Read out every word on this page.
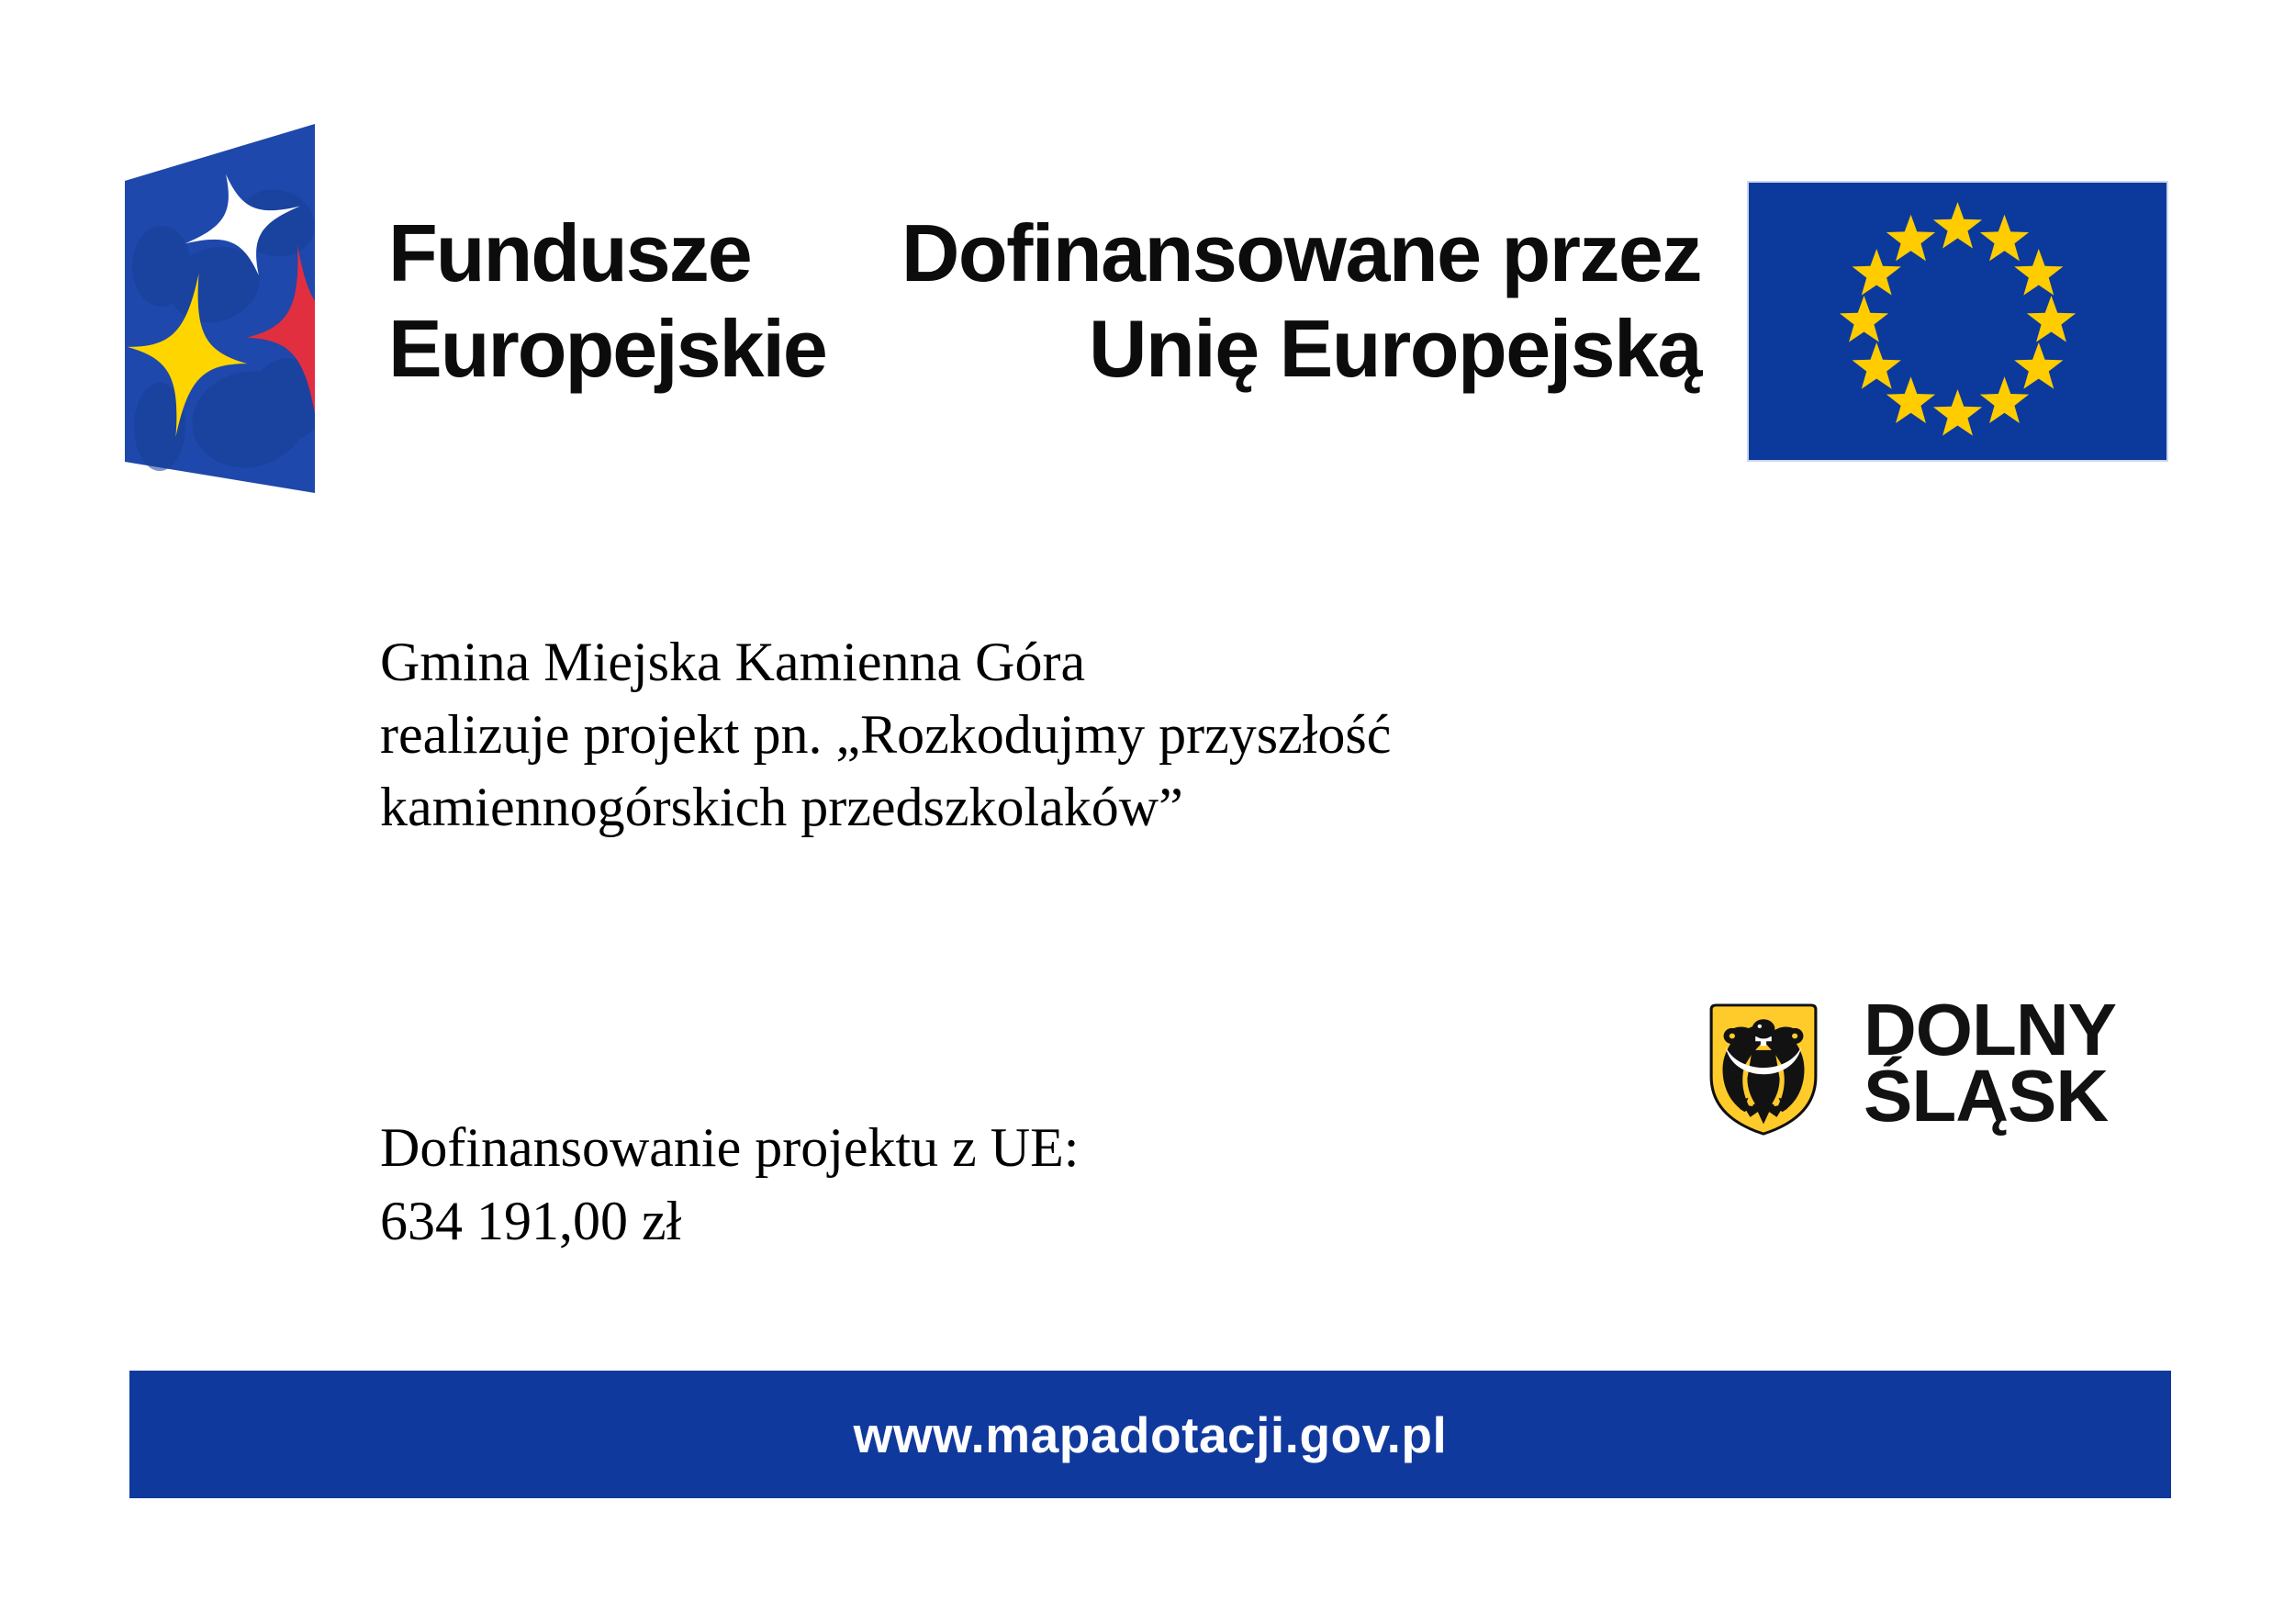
Fundusze
Europejskie
Dofinansowane przez
Unię Europejską
Gmina Miejska Kamienna Góra
realizuje projekt pn. „Rozkodujmy przyszłość
kamiennogórskich przedszkolaków”
DOLNY
ŚLĄSK
Dofinansowanie projektu z UE:
634 191,00 zł
www.mapadotacji.gov.pl
